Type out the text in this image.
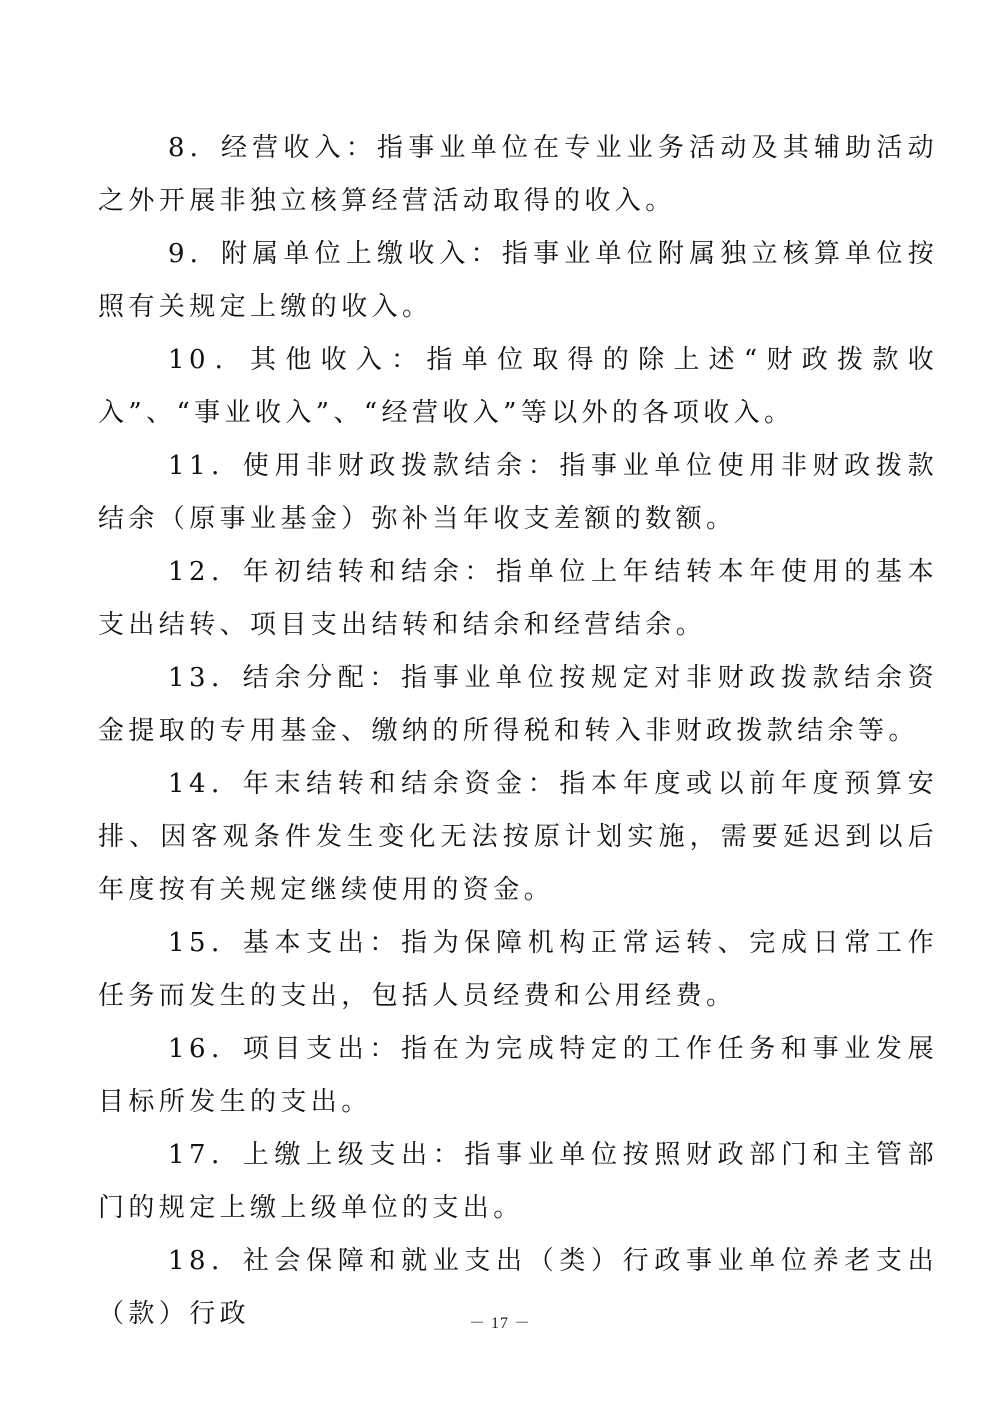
8．经营收入：指事业单位在专业业务活动及其辅助活动之外开展非独立核算经营活动取得的收入。

9．附属单位上缴收入：指事业单位附属独立核算单位按照有关规定上缴的收入。

10．其他收入：指单位取得的除上述“财政拨款收入”、“事业收入”、“经营收入”等以外的各项收入。

11．使用非财政拨款结余：指事业单位使用非财政拨款结余（原事业基金）弥补当年收支差额的数额。

12．年初结转和结余：指单位上年结转本年使用的基本支出结转、项目支出结转和结余和经营结余。

13．结余分配：指事业单位按规定对非财政拨款结余资金提取的专用基金、缴纳的所得税和转入非财政拨款结余等。

14．年末结转和结余资金：指本年度或以前年度预算安排、因客观条件发生变化无法按原计划实施，需要延迟到以后年度按有关规定继续使用的资金。

15．基本支出：指为保障机构正常运转、完成日常工作任务而发生的支出，包括人员经费和公用经费。

16．项目支出：指在为完成特定的工作任务和事业发展目标所发生的支出。

17．上缴上级支出：指事业单位按照财政部门和主管部门的规定上缴上级单位的支出。

18．社会保障和就业支出（类）行政事业单位养老支出（款）行政	－ 17 －
